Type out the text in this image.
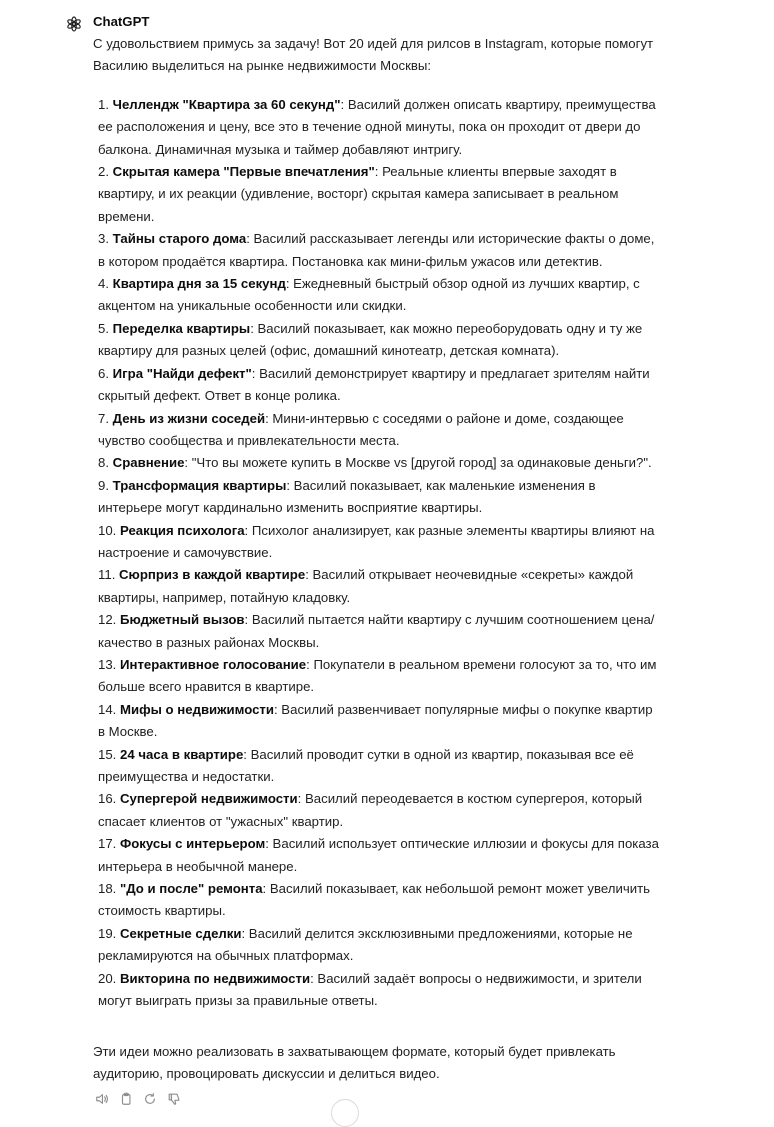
ChatGPT

С удовольствием примусь за задачу! Вот 20 идей для рилсов в Instagram, которые помогут Василию выделиться на рынке недвижимости Москвы:

1. Челлендж "Квартира за 60 секунд": Василий должен описать квартиру, преимущества ее расположения и цену, все это в течение одной минуты, пока он проходит от двери до балкона. Динамичная музыка и таймер добавляют интригу.
2. Скрытая камера "Первые впечатления": Реальные клиенты впервые заходят в квартиру, и их реакции (удивление, восторг) скрытая камера записывает в реальном времени.
3. Тайны старого дома: Василий рассказывает легенды или исторические факты о доме, в котором продаётся квартира. Постановка как мини-фильм ужасов или детектив.
4. Квартира дня за 15 секунд: Ежедневный быстрый обзор одной из лучших квартир, с акцентом на уникальные особенности или скидки.
5. Переделка квартиры: Василий показывает, как можно переоборудовать одну и ту же квартиру для разных целей (офис, домашний кинотеатр, детская комната).
6. Игра "Найди дефект": Василий демонстрирует квартиру и предлагает зрителям найти скрытый дефект. Ответ в конце ролика.
7. День из жизни соседей: Мини-интервью с соседями о районе и доме, создающее чувство сообщества и привлекательности места.
8. Сравнение: "Что вы можете купить в Москве vs [другой город] за одинаковые деньги?".
9. Трансформация квартиры: Василий показывает, как маленькие изменения в интерьере могут кардинально изменить восприятие квартиры.
10. Реакция психолога: Психолог анализирует, как разные элементы квартиры влияют на настроение и самочувствие.
11. Сюрприз в каждой квартире: Василий открывает неочевидные «секреты» каждой квартиры, например, потайную кладовку.
12. Бюджетный вызов: Василий пытается найти квартиру с лучшим соотношением цена/качество в разных районах Москвы.
13. Интерактивное голосование: Покупатели в реальном времени голосуют за то, что им больше всего нравится в квартире.
14. Мифы о недвижимости: Василий развенчивает популярные мифы о покупке квартир в Москве.
15. 24 часа в квартире: Василий проводит сутки в одной из квартир, показывая все её преимущества и недостатки.
16. Супергерой недвижимости: Василий переодевается в костюм супергероя, который спасает клиентов от "ужасных" квартир.
17. Фокусы с интерьером: Василий использует оптические иллюзии и фокусы для показа интерьера в необычной манере.
18. "До и после" ремонта: Василий показывает, как небольшой ремонт может увеличить стоимость квартиры.
19. Секретные сделки: Василий делится эксклюзивными предложениями, которые не рекламируются на обычных платформах.
20. Викторина по недвижимости: Василий задаёт вопросы о недвижимости, и зрители могут выиграть призы за правильные ответы.

Эти идеи можно реализовать в захватывающем формате, который будет привлекать аудиторию, провоцировать дискуссии и делиться видео.
